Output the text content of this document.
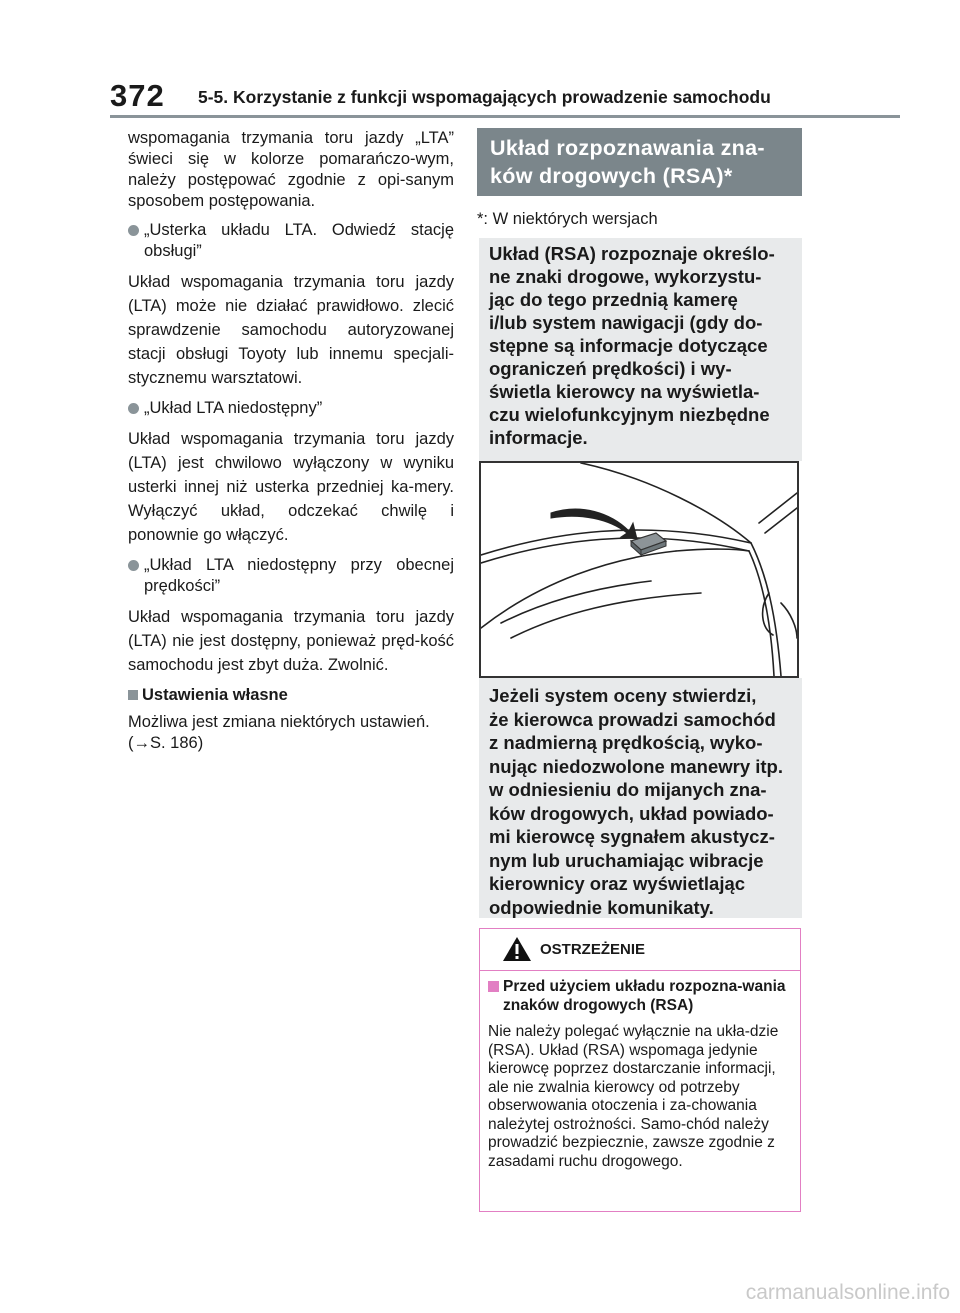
372 5-5. Korzystanie z funkcji wspomagających prowadzenie samochodu

wspomagania trzymania toru jazdy „LTA” świeci się w kolorze pomarańczo-wym, należy postępować zgodnie z opi-sanym sposobem postępowania.

„Usterka układu LTA. Odwiedź stację obsługi”

Układ wspomagania trzymania toru jazdy (LTA) może nie działać prawidłowo. zlecić sprawdzenie samochodu autoryzowanej stacji obsługi Toyoty lub innemu specjali-stycznemu warsztatowi.

„Układ LTA niedostępny”

Układ wspomagania trzymania toru jazdy (LTA) jest chwilowo wyłączony w wyniku usterki innej niż usterka przedniej ka-mery. Wyłączyć układ, odczekać chwilę i ponownie go włączyć.

„Układ LTA niedostępny przy obecnej prędkości”

Układ wspomagania trzymania toru jazdy (LTA) nie jest dostępny, ponieważ pręd-kość samochodu jest zbyt duża. Zwolnić.

Ustawienia własne

Możliwa jest zmiana niektórych ustawień.
(→S. 186)

Układ rozpoznawania zna-
ków drogowych (RSA)*
*: W niektórych wersjach
Układ (RSA) rozpoznaje określo-
ne znaki drogowe, wykorzystu-
jąc do tego przednią kamerę
i/lub system nawigacji (gdy do-
stępne są informacje dotyczące
ograniczeń prędkości) i wy-
świetla kierowcy na wyświetla-
czu wielofunkcyjnym niezbędne
informacje.
Jeżeli system oceny stwierdzi,
że kierowca prowadzi samochód
z nadmierną prędkością, wyko-
nując niedozwolone manewry itp.
w odniesieniu do mijanych zna-
ków drogowych, układ powiado-
mi kierowcę sygnałem akustycz-
nym lub uruchamiając wibracje
kierownicy oraz wyświetlając
odpowiednie komunikaty.
OSTRZEŻENIE
Przed użyciem układu rozpozna-wania znaków drogowych (RSA)
Nie należy polegać wyłącznie na ukła-dzie (RSA). Układ (RSA) wspomaga jedynie kierowcę poprzez dostarczanie informacji, ale nie zwalnia kierowcy od potrzeby obserwowania otoczenia i za-chowania należytej ostrożności. Samo-chód należy prowadzić bezpiecznie, zawsze zgodnie z zasadami ruchu drogowego.
carmanualsonline.info
